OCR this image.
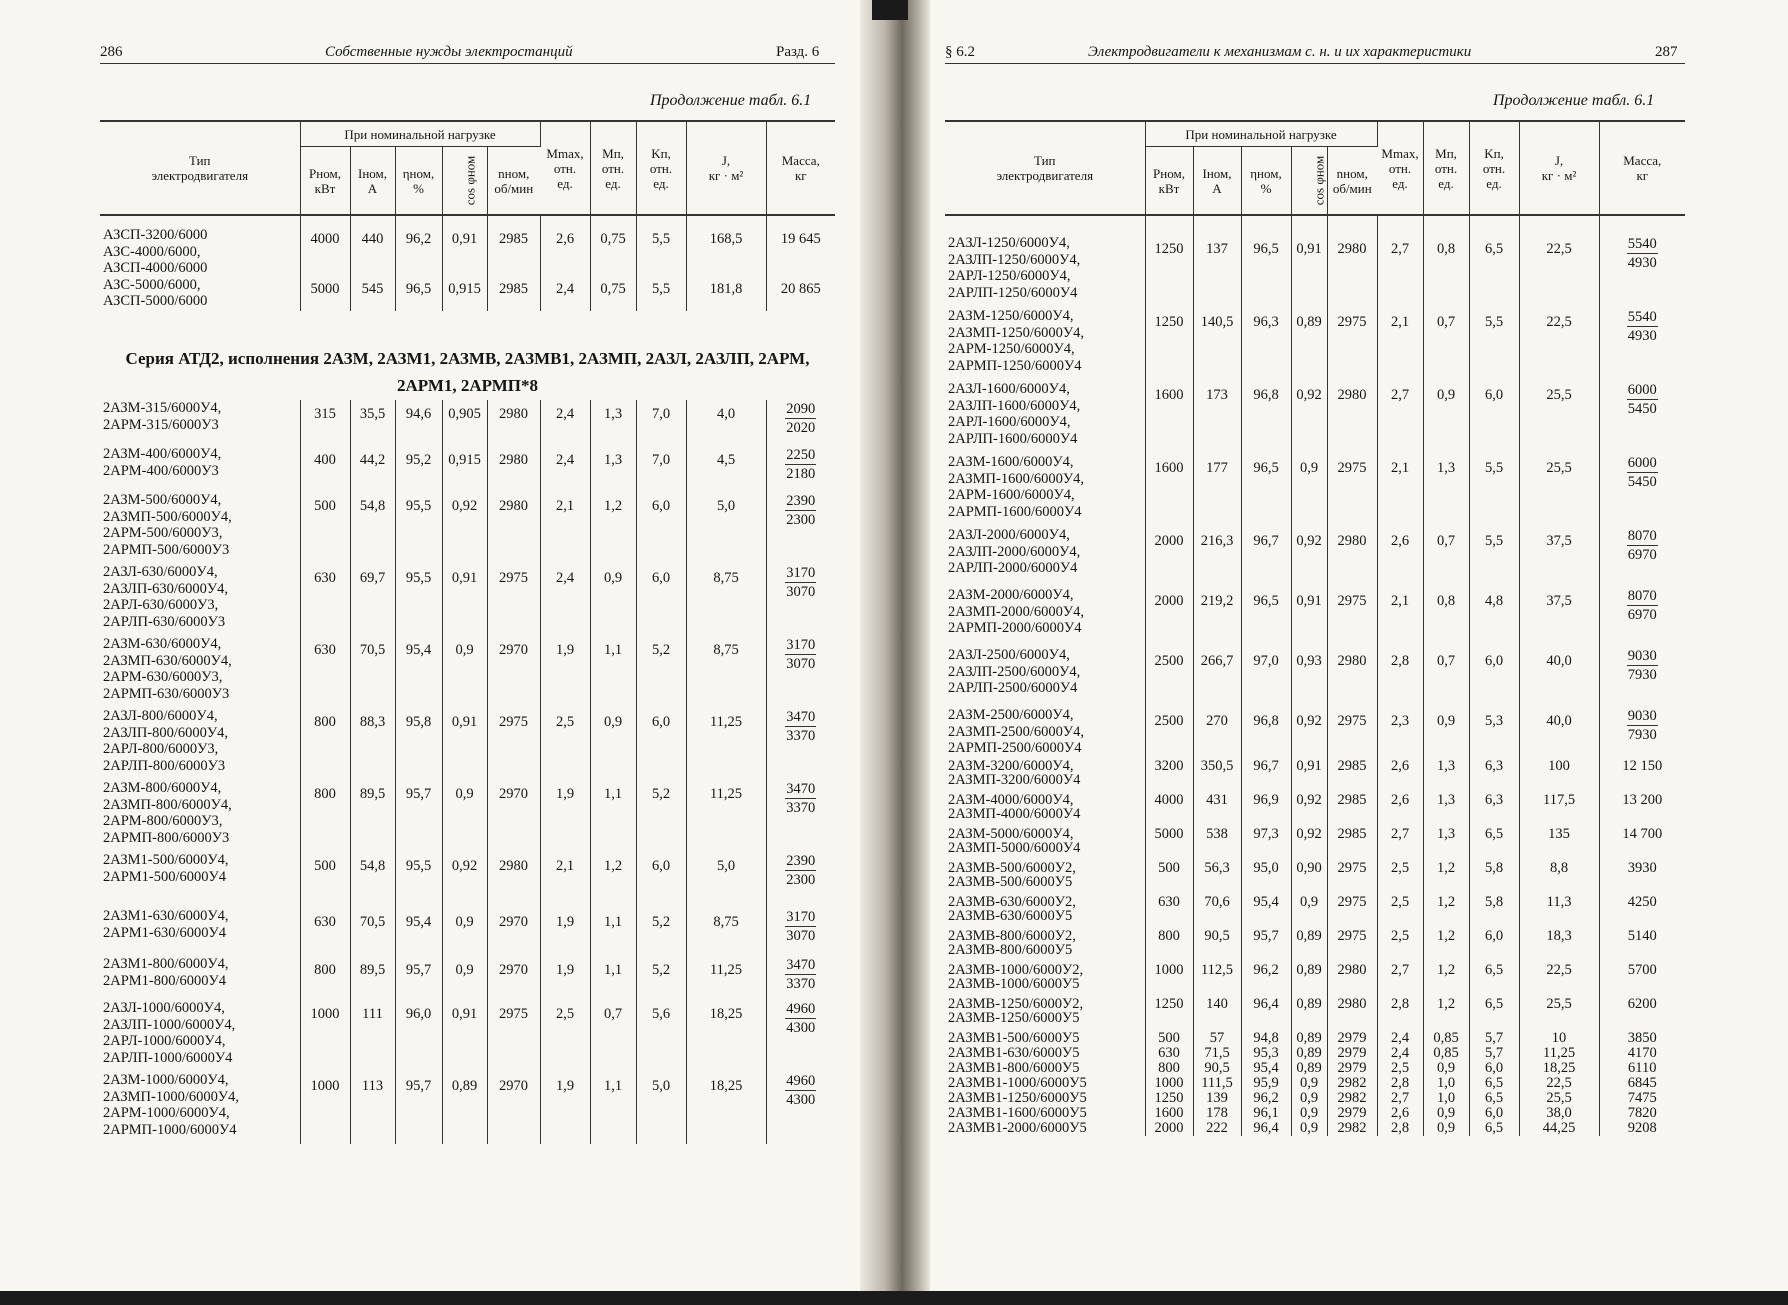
286	Собственные нужды электростанций	Разд. 6
Продолжение табл. 6.1
Тип
электродвигателя	При номинальной нагрузке					Mmax,
отн.
ед.	Mп,
отн.
ед.	Kп,
отн.
ед.	J,
кг · м²	Масса,
кг
	Pном,
кВт	Iном,
А	ηном,
%	cos φном	nном,
об/мин					

АЗСП-3200/6000
АЗС-4000/6000,
АЗСП-4000/6000	4000	440	96,2	0,91	2985	2,6	0,75	5,5	168,5	19 645
АЗС-5000/6000,
АЗСП-5000/6000	5000	545	96,5	0,915	2985	2,4	0,75	5,5	181,8	20 865
Серия АТД2, исполнения 2АЗМ, 2АЗМ1, 2АЗМВ, 2АЗМВ1, 2АЗМП, 2АЗЛ, 2АЗЛП, 2АРМ, 2АРМ1, 2АРМП*8
2АЗМ-315/6000У4,
2АРМ-315/6000У3	315	35,5	94,6	0,905	2980	2,4	1,3	7,0	4,0	$\frac{2090}{2020}$

2АЗМ-400/6000У4,
2АРМ-400/6000У3	400	44,2	95,2	0,915	2980	2,4	1,3	7,0	4,5	$\frac{2250}{2180}$

2АЗМ-500/6000У4,
2АЗМП-500/6000У4,
2АРМ-500/6000У3,
2АРМП-500/6000У3	500	54,8	95,5	0,92	2980	2,1	1,2	6,0	5,0	$\frac{2390}{2300}$

2АЗЛ-630/6000У4,
2АЗЛП-630/6000У4,
2АРЛ-630/6000У3,
2АРЛП-630/6000У3	630	69,7	95,5	0,91	2975	2,4	0,9	6,0	8,75	$\frac{3170}{3070}$

2АЗМ-630/6000У4,
2АЗМП-630/6000У4,
2АРМ-630/6000У3,
2АРМП-630/6000У3	630	70,5	95,4	0,9	2970	1,9	1,1	5,2	8,75	$\frac{3170}{3070}$

2АЗЛ-800/6000У4,
2АЗЛП-800/6000У4,
2АРЛ-800/6000У3,
2АРЛП-800/6000У3	800	88,3	95,8	0,91	2975	2,5	0,9	6,0	11,25	$\frac{3470}{3370}$

2АЗМ-800/6000У4,
2АЗМП-800/6000У4,
2АРМ-800/6000У3,
2АРМП-800/6000У3	800	89,5	95,7	0,9	2970	1,9	1,1	5,2	11,25	$\frac{3470}{3370}$

2АЗМ1-500/6000У4,
2АРМ1-500/6000У4	500	54,8	95,5	0,92	2980	2,1	1,2	6,0	5,0	$\frac{2390}{2300}$

2АЗМ1-630/6000У4,
2АРМ1-630/6000У4	630	70,5	95,4	0,9	2970	1,9	1,1	5,2	8,75	$\frac{3170}{3070}$

2АЗМ1-800/6000У4,
2АРМ1-800/6000У4	800	89,5	95,7	0,9	2970	1,9	1,1	5,2	11,25	$\frac{3470}{3370}$

2АЗЛ-1000/6000У4,
2АЗЛП-1000/6000У4,
2АРЛ-1000/6000У4,
2АРЛП-1000/6000У4	1000	111	96,0	0,91	2975	2,5	0,7	5,6	18,25	$\frac{4960}{4300}$

2АЗМ-1000/6000У4,
2АЗМП-1000/6000У4,
2АРМ-1000/6000У4,
2АРМП-1000/6000У4	1000	113	95,7	0,89	2970	1,9	1,1	5,0	18,25	$\frac{4960}{4300}$
§ 6.2	Электродвигатели к механизмам с. н. и их характеристики	287
Продолжение табл. 6.1
Тип
электродвигателя	При номинальной нагрузке					Mmax,
отн.
ед.	Mп,
отн.
ед.	Kп,
отн.
ед.	J,
кг · м²	Масса,
кг
	Pном,
кВт	Iном,
А	ηном,
%	cos φном	nном,
об/мин					

2АЗЛ-1250/6000У4,
2АЗЛП-1250/6000У4,
2АРЛ-1250/6000У4,
2АРЛП-1250/6000У4	1250	137	96,5	0,91	2980	2,7	0,8	6,5	22,5	$\frac{5540}{4930}$

2АЗМ-1250/6000У4,
2АЗМП-1250/6000У4,
2АРМ-1250/6000У4,
2АРМП-1250/6000У4	1250	140,5	96,3	0,89	2975	2,1	0,7	5,5	22,5	$\frac{5540}{4930}$

2АЗЛ-1600/6000У4,
2АЗЛП-1600/6000У4,
2АРЛ-1600/6000У4,
2АРЛП-1600/6000У4	1600	173	96,8	0,92	2980	2,7	0,9	6,0	25,5	$\frac{6000}{5450}$

2АЗМ-1600/6000У4,
2АЗМП-1600/6000У4,
2АРМ-1600/6000У4,
2АРМП-1600/6000У4	1600	177	96,5	0,9	2975	2,1	1,3	5,5	25,5	$\frac{6000}{5450}$

2АЗЛ-2000/6000У4,
2АЗЛП-2000/6000У4,
2АРЛП-2000/6000У4	2000	216,3	96,7	0,92	2980	2,6	0,7	5,5	37,5	$\frac{8070}{6970}$

2АЗМ-2000/6000У4,
2АЗМП-2000/6000У4,
2АРМП-2000/6000У4	2000	219,2	96,5	0,91	2975	2,1	0,8	4,8	37,5	$\frac{8070}{6970}$

2АЗЛ-2500/6000У4,
2АЗЛП-2500/6000У4,
2АРЛП-2500/6000У4	2500	266,7	97,0	0,93	2980	2,8	0,7	6,0	40,0	$\frac{9030}{7930}$

2АЗМ-2500/6000У4,
2АЗМП-2500/6000У4,
2АРМП-2500/6000У4	2500	270	96,8	0,92	2975	2,3	0,9	5,3	40,0	$\frac{9030}{7930}$

2АЗМ-3200/6000У4,
2АЗМП-3200/6000У4	3200	350,5	96,7	0,91	2985	2,6	1,3	6,3	100	12 150
2АЗМ-4000/6000У4,
2АЗМП-4000/6000У4	4000	431	96,9	0,92	2985	2,6	1,3	6,3	117,5	13 200
2АЗМ-5000/6000У4,
2АЗМП-5000/6000У4	5000	538	97,3	0,92	2985	2,7	1,3	6,5	135	14 700
2АЗМВ-500/6000У2,
2АЗМВ-500/6000У5	500	56,3	95,0	0,90	2975	2,5	1,2	5,8	8,8	3930
2АЗМВ-630/6000У2,
2АЗМВ-630/6000У5	630	70,6	95,4	0,9	2975	2,5	1,2	5,8	11,3	4250
2АЗМВ-800/6000У2,
2АЗМВ-800/6000У5	800	90,5	95,7	0,89	2975	2,5	1,2	6,0	18,3	5140
2АЗМВ-1000/6000У2,
2АЗМВ-1000/6000У5	1000	112,5	96,2	0,89	2980	2,7	1,2	6,5	22,5	5700
2АЗМВ-1250/6000У2,
2АЗМВ-1250/6000У5	1250	140	96,4	0,89	2980	2,8	1,2	6,5	25,5	6200
2АЗМВ1-500/6000У5	500	57	94,8	0,89	2979	2,4	0,85	5,7	10	3850
2АЗМВ1-630/6000У5	630	71,5	95,3	0,89	2979	2,4	0,85	5,7	11,25	4170
2АЗМВ1-800/6000У5	800	90,5	95,4	0,89	2979	2,5	0,9	6,0	18,25	6110
2АЗМВ1-1000/6000У5	1000	111,5	95,9	0,9	2982	2,8	1,0	6,5	22,5	6845
2АЗМВ1-1250/6000У5	1250	139	96,2	0,9	2982	2,7	1,0	6,5	25,5	7475
2АЗМВ1-1600/6000У5	1600	178	96,1	0,9	2979	2,6	0,9	6,0	38,0	7820
2АЗМВ1-2000/6000У5	2000	222	96,4	0,9	2982	2,8	0,9	6,5	44,25	9208
